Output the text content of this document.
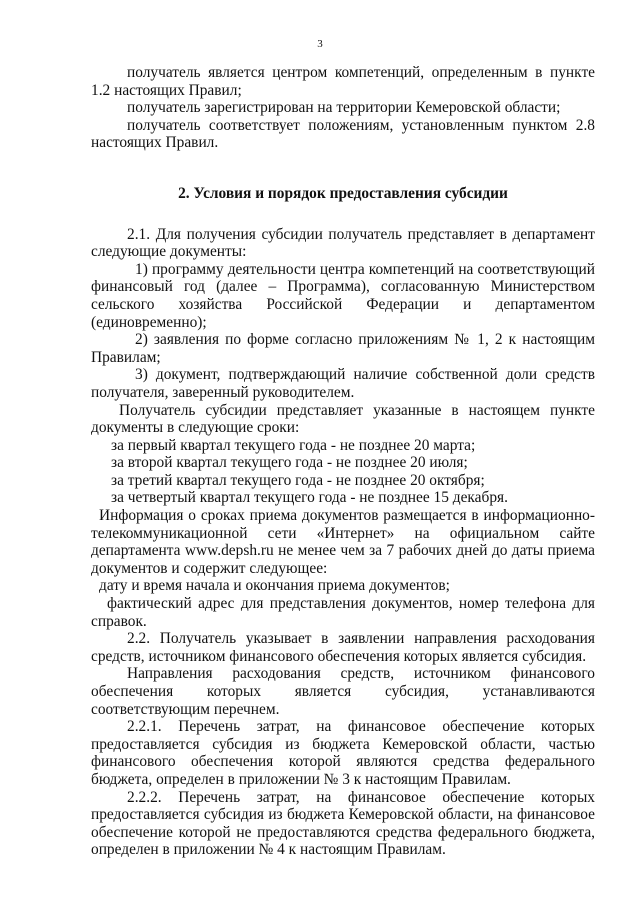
3

получатель является центром компетенций, определенным в пункте 1.2 настоящих Правил;

получатель зарегистрирован на территории Кемеровской области;

получатель соответствует положениям, установленным пунктом 2.8 настоящих Правил.

2. Условия и порядок предоставления субсидии

2.1. Для получения субсидии получатель представляет в департамент следующие документы:

1) программу деятельности центра компетенций на соответствующий финансовый год (далее – Программа), согласованную Министерством сельского хозяйства Российской Федерации и департаментом (единовременно);

2) заявления по форме согласно приложениям № 1, 2 к настоящим Правилам;

3) документ, подтверждающий наличие собственной доли средств получателя, заверенный руководителем.

Получатель субсидии представляет указанные в настоящем пункте документы в следующие сроки:

за первый квартал текущего года - не позднее 20 марта;

за второй квартал текущего года - не позднее 20 июля;

за третий квартал текущего года - не позднее 20 октября;

за четвертый квартал текущего года - не позднее 15 декабря.

Информация о сроках приема документов размещается в информационно-телекоммуникационной сети «Интернет» на официальном сайте департамента www.depsh.ru не менее чем за 7 рабочих дней до даты приема документов и содержит следующее:

дату и время начала и окончания приема документов;

фактический адрес для представления документов, номер телефона для справок.

2.2. Получатель указывает в заявлении направления расходования средств, источником финансового обеспечения которых является субсидия.

Направления расходования средств, источником финансового обеспечения которых является субсидия, устанавливаются соответствующим перечнем.

2.2.1. Перечень затрат, на финансовое обеспечение которых предоставляется субсидия из бюджета Кемеровской области, частью финансового обеспечения которой являются средства федерального бюджета, определен в приложении № 3 к настоящим Правилам.

2.2.2. Перечень затрат, на финансовое обеспечение которых предоставляется субсидия из бюджета Кемеровской области, на финансовое обеспечение которой не предоставляются средства федерального бюджета, определен в приложении № 4 к настоящим Правилам.
